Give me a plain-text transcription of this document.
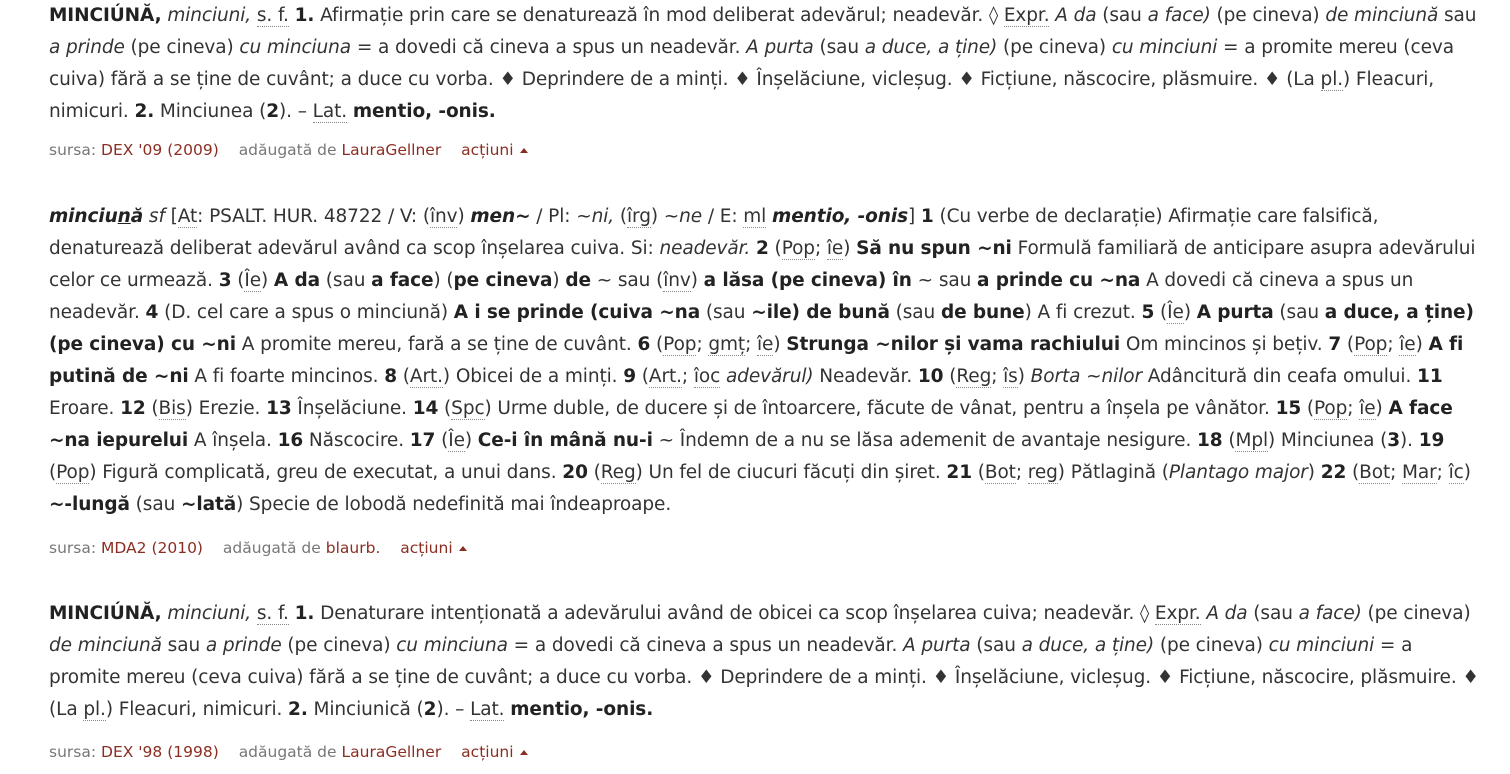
MINCIÚNĂ, minciuni, s. f. 1. Afirmație prin care se denaturează în mod deliberat adevărul; neadevăr. ◊ Expr. A da (sau a face) (pe cineva) de minciună sau a prinde (pe cineva) cu minciuna = a dovedi că cineva a spus un neadevăr. A purta (sau a duce, a ține) (pe cineva) cu minciuni = a promite mereu (ceva cuiva) fără a se ține de cuvânt; a duce cu vorba. ♦ Deprindere de a minți. ♦ Înșelăciune, vicleșug. ♦ Ficțiune, născocire, plăsmuire. ♦ (La pl.) Fleacuri, nimicuri. 2. Minciunea (2). – Lat. mentio, -onis.

sursa: DEX '09 (2009) adăugată de LauraGellner acțiuni

minciună sf [At: PSALT. HUR. 48722 / V: (înv) men~ / Pl: ~ni, (îrg) ~ne / E: ml mentio, -onis] 1 (Cu verbe de declarație) Afirmație care falsifică, denaturează deliberat adevărul având ca scop înșelarea cuiva. Si: neadevăr. 2 (Pop; îe) Să nu spun ~ni Formulă familiară de anticipare asupra adevărului celor ce urmează. 3 (Îe) A da (sau a face) (pe cineva) de ~ sau (înv) a lăsa (pe cineva) în ~ sau a prinde cu ~na A dovedi că cineva a spus un neadevăr. 4 (D. cel care a spus o minciună) A i se prinde (cuiva ~na (sau ~ile) de bună (sau de bune) A fi crezut. 5 (Îe) A purta (sau a duce, a ține) (pe cineva) cu ~ni A promite mereu, fară a se ține de cuvânt. 6 (Pop; gmț; îe) Strunga ~nilor și vama rachiului Om mincinos și bețiv. 7 (Pop; îe) A fi putină de ~ni A fi foarte mincinos. 8 (Art.) Obicei de a minți. 9 (Art.; îoc adevărul) Neadevăr. 10 (Reg; îs) Borta ~nilor Adâncitură din ceafa omului. 11 Eroare. 12 (Bis) Erezie. 13 Înșelăciune. 14 (Spc) Urme duble, de ducere și de întoarcere, făcute de vânat, pentru a înșela pe vânător. 15 (Pop; îe) A face ~na iepurelui A înșela. 16 Născocire. 17 (Îe) Ce-i în mână nu-i ~ Îndemn de a nu se lăsa ademenit de avantaje nesigure. 18 (Mpl) Minciunea (3). 19 (Pop) Figură complicată, greu de executat, a unui dans. 20 (Reg) Un fel de ciucuri făcuți din șiret. 21 (Bot; reg) Pătlagină (Plantago major) 22 (Bot; Mar; îc) ~-lungă (sau ~lată) Specie de lobodă nedefinită mai îndeaproape.

sursa: MDA2 (2010) adăugată de blaurb. acțiuni

MINCIÚNĂ, minciuni, s. f. 1. Denaturare intenționată a adevărului având de obicei ca scop înșelarea cuiva; neadevăr. ◊ Expr. A da (sau a face) (pe cineva) de minciună sau a prinde (pe cineva) cu minciuna = a dovedi că cineva a spus un neadevăr. A purta (sau a duce, a ține) (pe cineva) cu minciuni = a promite mereu (ceva cuiva) fără a se ține de cuvânt; a duce cu vorba. ♦ Deprindere de a minți. ♦ Înșelăciune, vicleșug. ♦ Ficțiune, născocire, plăsmuire. ♦ (La pl.) Fleacuri, nimicuri. 2. Minciunică (2). – Lat. mentio, -onis.

sursa: DEX '98 (1998) adăugată de LauraGellner acțiuni
